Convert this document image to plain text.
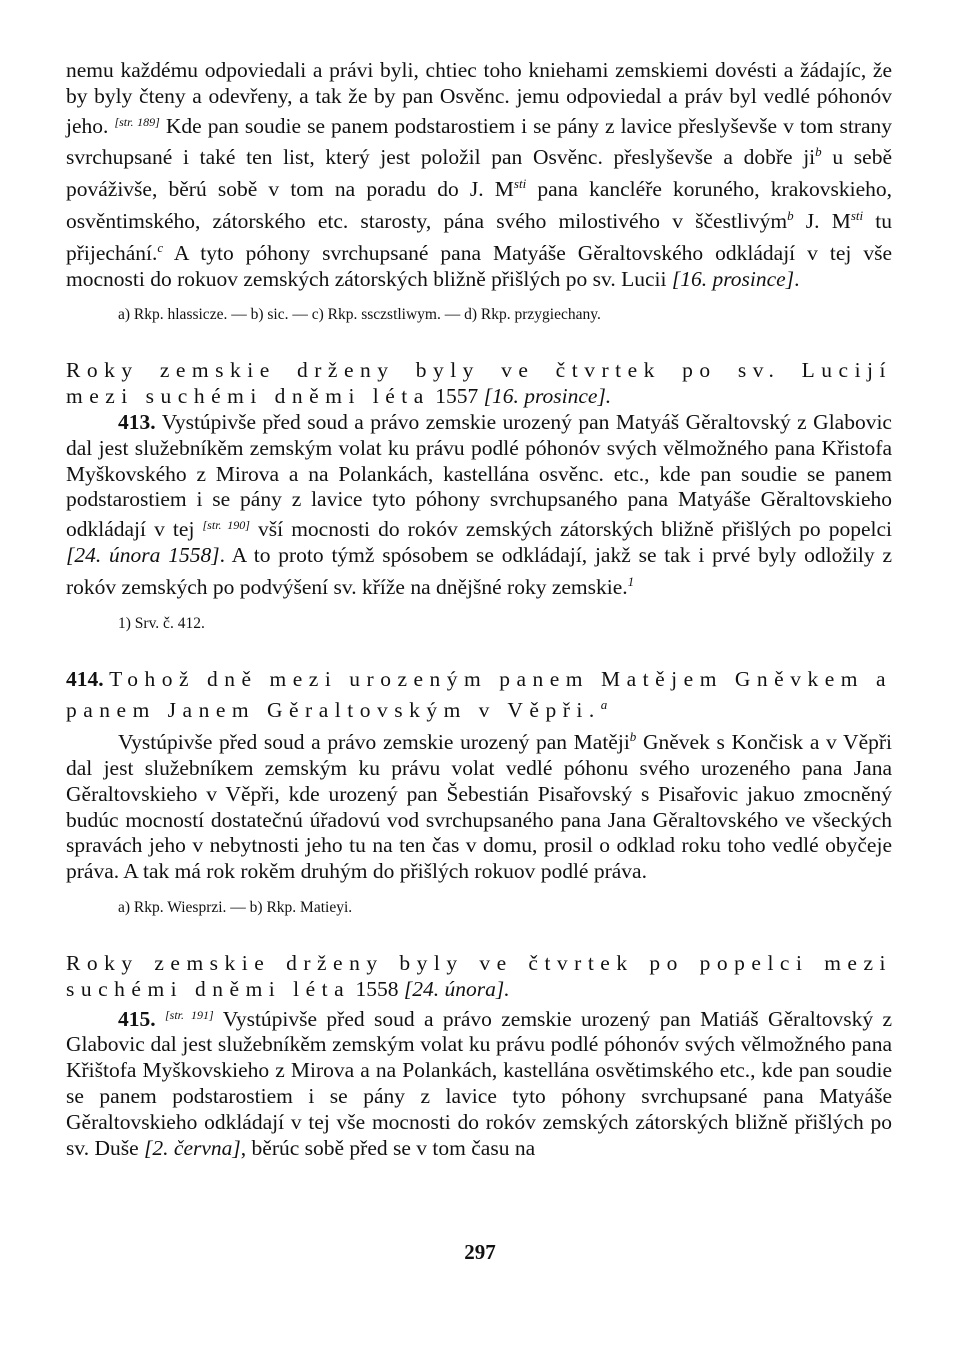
nemu každému odpoviedali a právi byli, chtiec toho kniehami zemskiemi dovésti a žádajíc, že by byly čteny a odevřeny, a tak že by pan Osvěnc. jemu odpoviedal a práv byl vedlé póhonóv jeho. [str. 189] Kde pan soudie se panem podstarostiem i se pány z lavice přeslyševše v tom strany svrchupsané i také ten list, který jest položil pan Osvěnc. přeslyševše a dobře $ji^b$ u sebě pováživše, běrú sobě v tom na poradu do J. $M^{sti}$ pana kancléře koruného, krakovskieho, osvěntimského, zátorského etc. starosty, pána svého milostivého v ščestlivým$^b$ J. $M^{sti}$ tu přijechání.$^c$ A tyto póhony svrchupsané pana Matyáše Gěraltovského odkládají v tej vše mocnosti do rokuov zemských zátorských bližně přišlých po sv. Lucii [16. prosince].

a) Rkp. hlassicze. — b) sic. — c) Rkp. ssczstliwym. — d) Rkp. przygiechany.

Roky zemskie drženy byly ve čtvrtek po sv. Lucijí mezi suchémi dněmi léta 1557 [16. prosince].

413. Vystúpivše před soud a právo zemskie urozený pan Matyáš Gěraltovský z Glabovic dal jest služebníkěm zemským volat ku právu podlé póhonóv svých vělmožného pana Křistofa Myškovského z Mirova a na Polankách, kastellána osvěnc. etc., kde pan soudie se panem podstarostiem i se pány z lavice tyto póhony svrchupsaného pana Matyáše Gěraltovskieho odkládají v tej [str. 190] vší mocnosti do rokóv zemských zátorských bližně přišlých po popelci [24. února 1558]. A to proto týmž spósobem se odkládají, jakž se tak i prvé byly odložily z rokóv zemských po podvýšení sv. kříže na dnějšné roky zemskie.$^1$

1) Srv. č. 412.

414. Tohož dně mezi urozeným panem Matějem Gněvkem a panem Janem Gěraltovským v Věpři.$^a$

Vystúpivše před soud a právo zemskie urozený pan Matěji$^b$ Gněvek s Končisk a v Věpři dal jest služebníkem zemským ku právu volat vedlé póhonu svého urozeného pana Jana Gěraltovskieho v Věpři, kde urozený pan Šebestián Pisařovský s Pisařovic jakuo zmocněný budúc mocností dostatečnú úřadovú vod svrchupsaného pana Jana Gěraltovského ve všeckých spravách jeho v nebytnosti jeho tu na ten čas v domu, prosil o odklad roku toho vedlé obyčeje práva. A tak má rok rokěm druhým do přišlých rokuov podlé práva.

a) Rkp. Wiesprzi. — b) Rkp. Matieyi.

Roky zemskie drženy byly ve čtvrtek po popelci mezi suchémi dněmi léta 1558 [24. února].

415. [str. 191] Vystúpivše před soud a právo zemskie urozený pan Matiáš Gěraltovský z Glabovic dal jest služebníkěm zemským volat ku právu podlé póhonóv svých vělmožného pana Křištofa Myškovskieho z Mirova a na Polankách, kastellána osvětimského etc., kde pan soudie se panem podstarostiem i se pány z lavice tyto póhony svrchupsané pana Matyáše Gěraltovskieho odkládají v tej vše mocnosti do rokóv zemských zátorských bližně přišlých po sv. Duše [2. června], běrúc sobě před se v tom času na

297
